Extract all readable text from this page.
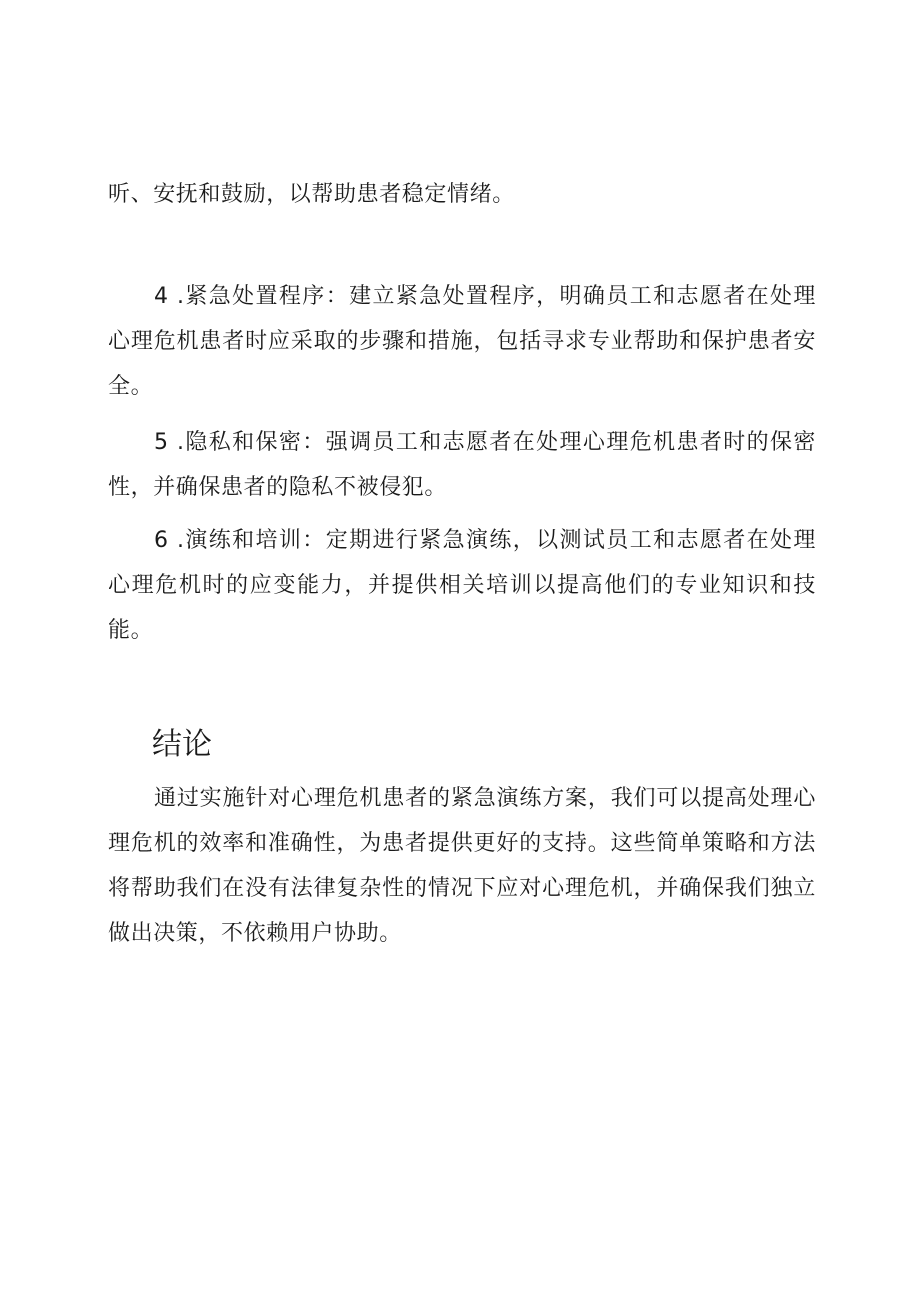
听、安抚和鼓励，以帮助患者稳定情绪。

4 .紧急处置程序：建立紧急处置程序，明确员工和志愿者在处理心理危机患者时应采取的步骤和措施，包括寻求专业帮助和保护患者安全。

5 .隐私和保密：强调员工和志愿者在处理心理危机患者时的保密性，并确保患者的隐私不被侵犯。

6 .演练和培训：定期进行紧急演练，以测试员工和志愿者在处理心理危机时的应变能力，并提供相关培训以提高他们的专业知识和技能。

结论

通过实施针对心理危机患者的紧急演练方案，我们可以提高处理心理危机的效率和准确性，为患者提供更好的支持。这些简单策略和方法将帮助我们在没有法律复杂性的情况下应对心理危机，并确保我们独立做出决策，不依赖用户协助。
